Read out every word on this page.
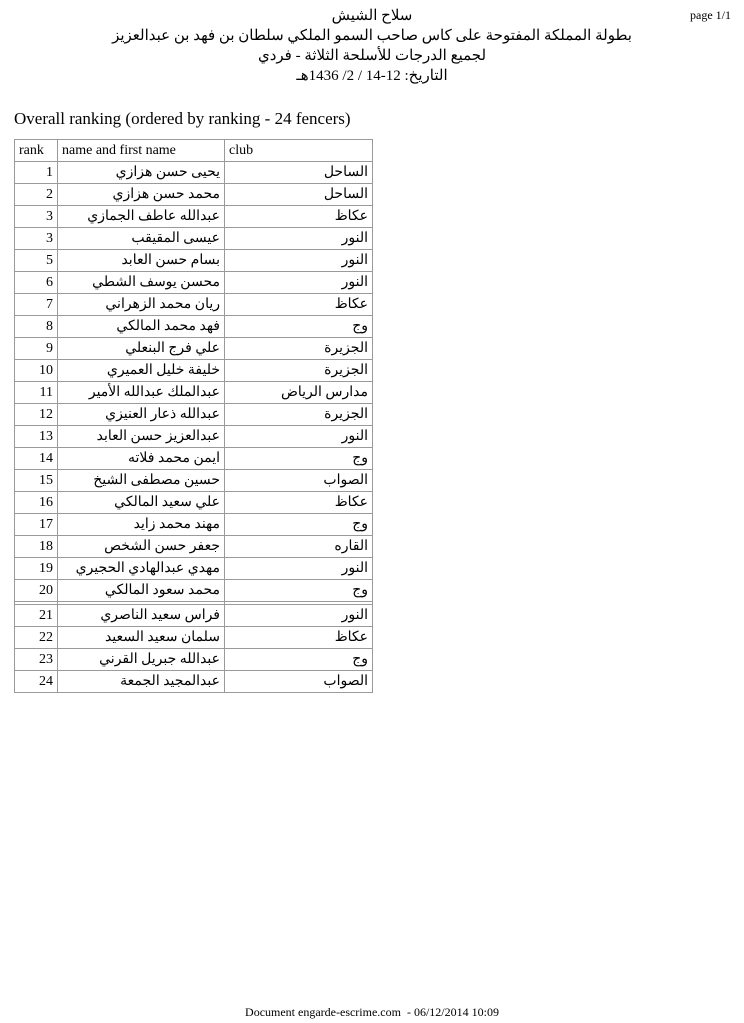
page 1/1
سلاح الشيش
بطولة المملكة المفتوحة على كاس صاحب السمو الملكي سلطان بن فهد بن عبدالعزيز
لجميع الدرجات للأسلحة الثلاثة - فردي
التاريخ: 12-14 / 2/ 1436هـ
Overall ranking (ordered by ranking - 24 fencers)
rank	name and first name	club
1	يحيى حسن هزازي	الساحل
2	محمد حسن هزازي	الساحل
3	عبدالله عاطف الجمازي	عكاظ
3	عيسى المقيقب	النور
5	بسام حسن العابد	النور
6	محسن يوسف الشطي	النور
7	ريان محمد الزهراني	عكاظ
8	فهد محمد المالكي	وج
9	علي فرج البنعلي	الجزيرة
10	خليفة خليل العميري	الجزيرة
11	عبدالملك عبدالله الأمير	مدارس الرياض
12	عبدالله ذعار العنيزي	الجزيرة
13	عبدالعزيز حسن العابد	النور
14	ايمن محمد فلاته	وج
15	حسين مصطفى الشيخ	الصواب
16	علي سعيد المالكي	عكاظ
17	مهند محمد زايد	وج
18	جعفر حسن الشخص	القاره
19	مهدي عبدالهادي الحجيري	النور
20	محمد سعود المالكي	وج

21	فراس سعيد الناصري	النور
22	سلمان سعيد السعيد	عكاظ
23	عبدالله جبريل القرني	وج
24	عبدالمجيد الجمعة	الصواب
Document engarde-escrime.com  - 06/12/2014 10:09
